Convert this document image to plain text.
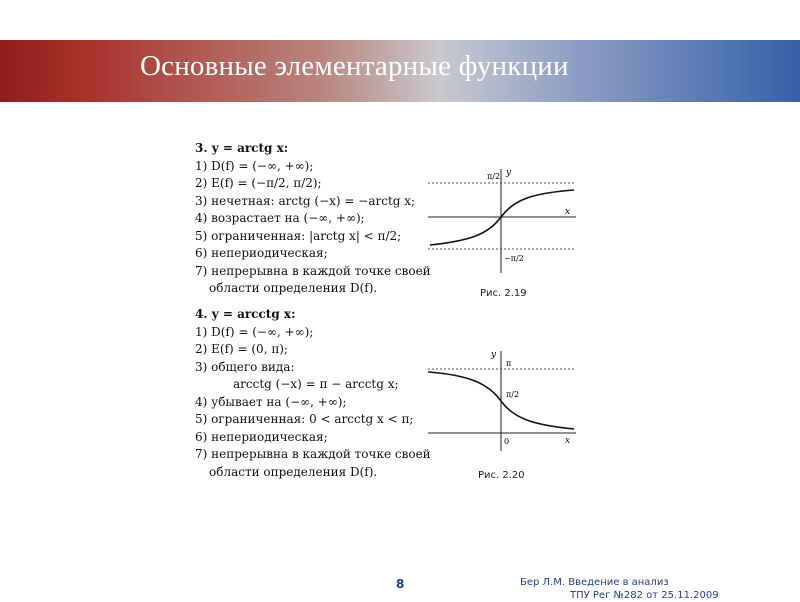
Основные элементарные функции
3. y = arctg x:
1) D(f) = (−∞, +∞);
2) E(f) = (−π/2, π/2);
3) нечетная: arctg (−x) = −arctg x;
4) возрастает на (−∞, +∞);
5) ограниченная: |arctg x| < π/2;
6) непериодическая;
7) непрерывна в каждой точке своей
области определения D(f).
4. y = arcctg x:
1) D(f) = (−∞, +∞);
2) E(f) = (0, π);
3) общего вида:
arcctg (−x) = π − arcctg x;
4) убывает на (−∞, +∞);
5) ограниченная: 0 < arcctg x < π;
6) непериодическая;
7) непрерывна в каждой точке своей
области определения D(f).
y
x
π/2
−π/2
Рис. 2.19
y
x
π
π/2
0
Рис. 2.20
8	Бер Л.М. Введение в анализ
ТПУ Рег №282 от 25.11.2009
